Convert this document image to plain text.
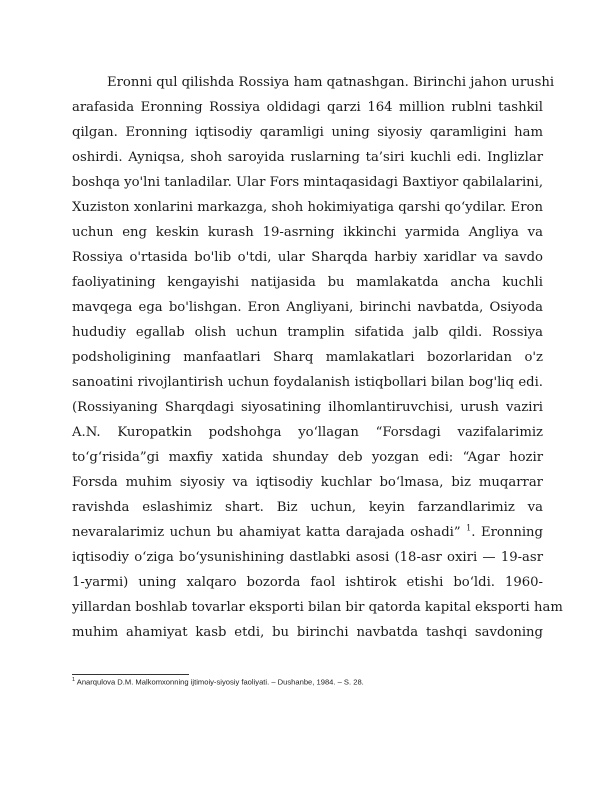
Eronni qul qilishda Rossiya ham qatnashgan. Birinchi jahon urushi
arafasida Eronning Rossiya oldidagi qarzi 164 million rublni tashkil
qilgan. Eronning iqtisodiy qaramligi uning siyosiy qaramligini ham
oshirdi. Ayniqsa, shoh saroyida ruslarning ta’siri kuchli edi. Inglizlar
boshqa yo'lni tanladilar. Ular Fors mintaqasidagi Baxtiyor qabilalarini,
Xuziston xonlarini markazga, shoh hokimiyatiga qarshi qo‘ydilar. Eron
uchun eng keskin kurash 19-asrning ikkinchi yarmida Angliya va
Rossiya o'rtasida bo'lib o'tdi, ular Sharqda harbiy xaridlar va savdo
faoliyatining kengayishi natijasida bu mamlakatda ancha kuchli
mavqega ega bo'lishgan. Eron Angliyani, birinchi navbatda, Osiyoda
hududiy egallab olish uchun tramplin sifatida jalb qildi. Rossiya
podsholigining manfaatlari Sharq mamlakatlari bozorlaridan o'z
sanoatini rivojlantirish uchun foydalanish istiqbollari bilan bog'liq edi.
(Rossiyaning Sharqdagi siyosatining ilhomlantiruvchisi, urush vaziri
A.N. Kuropatkin podshohga yo‘llagan “Forsdagi vazifalarimiz
to‘g‘risida”gi maxfiy xatida shunday deb yozgan edi: “Agar hozir
Forsda muhim siyosiy va iqtisodiy kuchlar bo‘lmasa, biz muqarrar
ravishda eslashimiz shart. Biz uchun, keyin farzandlarimiz va
nevaralarimiz uchun bu ahamiyat katta darajada oshadi” $^1$. Eronning
iqtisodiy o‘ziga bo‘ysunishining dastlabki asosi (18-asr oxiri — 19-asr
1-yarmi) uning xalqaro bozorda faol ishtirok etishi bo‘ldi. 1960-
yillardan boshlab tovarlar eksporti bilan bir qatorda kapital eksporti ham
muhim ahamiyat kasb etdi, bu birinchi navbatda tashqi savdoning
$^1$ Anarqulova D.M. Malkomxonning ijtimoiy-siyosiy faoliyati. – Dushanbe, 1984. – S. 28.
